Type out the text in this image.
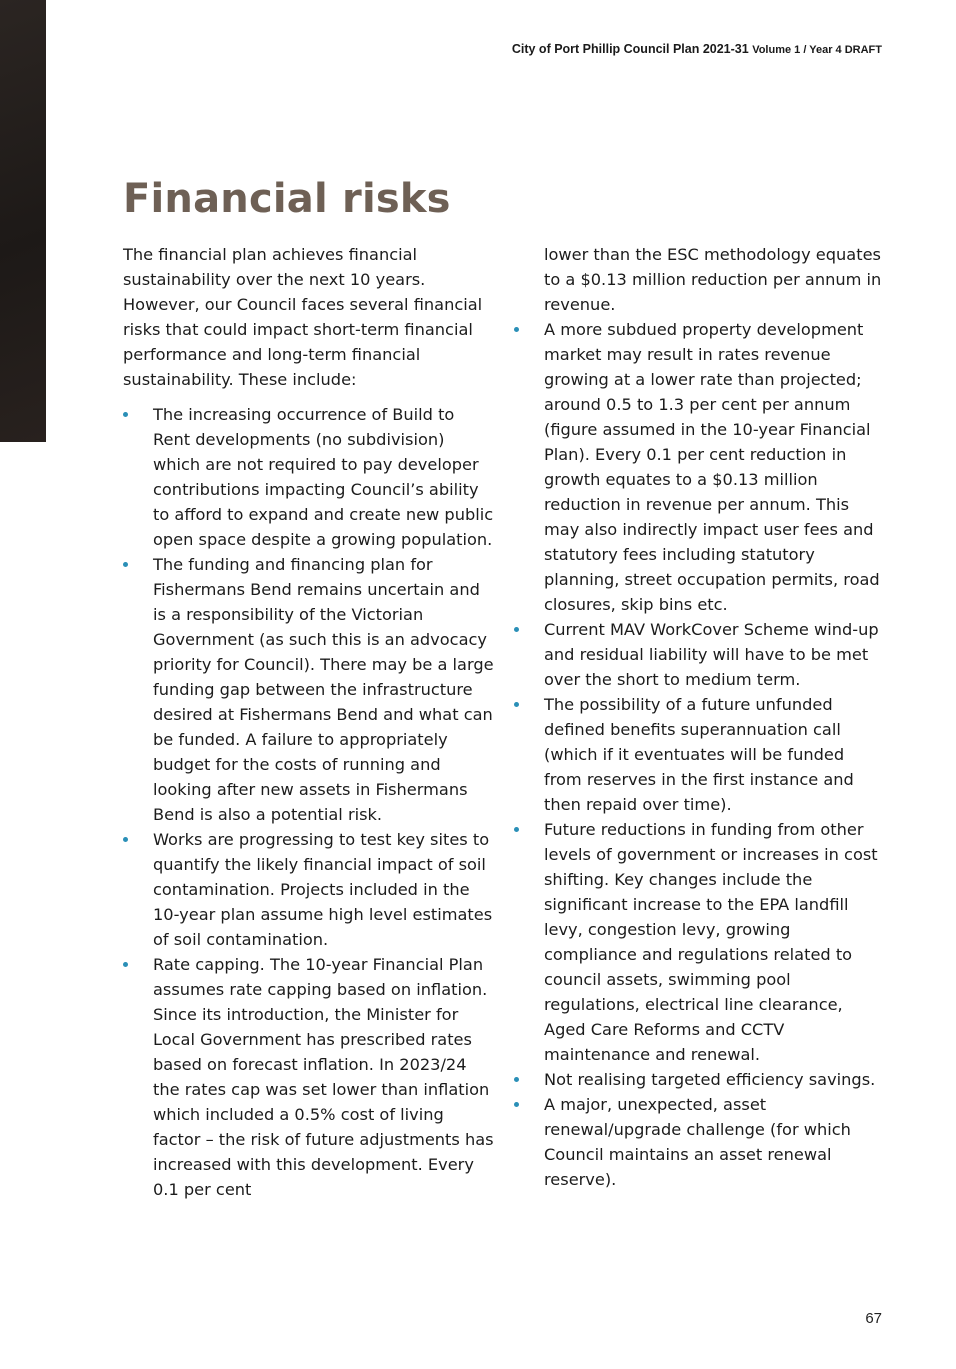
City of Port Phillip Council Plan 2021-31 Volume 1 / Year 4 DRAFT
Financial risks

The financial plan achieves financial sustainability over the next 10 years. However, our Council faces several financial risks that could impact short-term financial performance and long-term financial sustainability. These include:

The increasing occurrence of Build to Rent developments (no subdivision) which are not required to pay developer contributions impacting Council’s ability to afford to expand and create new public open space despite a growing population.
The funding and financing plan for Fishermans Bend remains uncertain and is a responsibility of the Victorian Government (as such this is an advocacy priority for Council). There may be a large funding gap between the infrastructure desired at Fishermans Bend and what can be funded. A failure to appropriately budget for the costs of running and looking after new assets in Fishermans Bend is also a potential risk.
Works are progressing to test key sites to quantify the likely financial impact of soil contamination. Projects included in the 10-year plan assume high level estimates of soil contamination.
Rate capping. The 10-year Financial Plan assumes rate capping based on inflation. Since its introduction, the Minister for Local Government has prescribed rates based on forecast inflation. In 2023/24 the rates cap was set lower than inflation which included a 0.5% cost of living factor – the risk of future adjustments has increased with this development. Every 0.1 per cent

lower than the ESC methodology equates to a $0.13 million reduction per annum in revenue.

A more subdued property development market may result in rates revenue growing at a lower rate than projected; around 0.5 to 1.3 per cent per annum (figure assumed in the 10-year Financial Plan). Every 0.1 per cent reduction in growth equates to a $0.13 million reduction in revenue per annum. This may also indirectly impact user fees and statutory fees including statutory planning, street occupation permits, road closures, skip bins etc.
Current MAV WorkCover Scheme wind-up and residual liability will have to be met over the short to medium term.
The possibility of a future unfunded defined benefits superannuation call (which if it eventuates will be funded from reserves in the first instance and then repaid over time).
Future reductions in funding from other levels of government or increases in cost shifting. Key changes include the significant increase to the EPA landfill levy, congestion levy, growing compliance and regulations related to council assets, swimming pool regulations, electrical line clearance, Aged Care Reforms and CCTV maintenance and renewal.
Not realising targeted efficiency savings.
A major, unexpected, asset renewal/upgrade challenge (for which Council maintains an asset renewal reserve).
67
